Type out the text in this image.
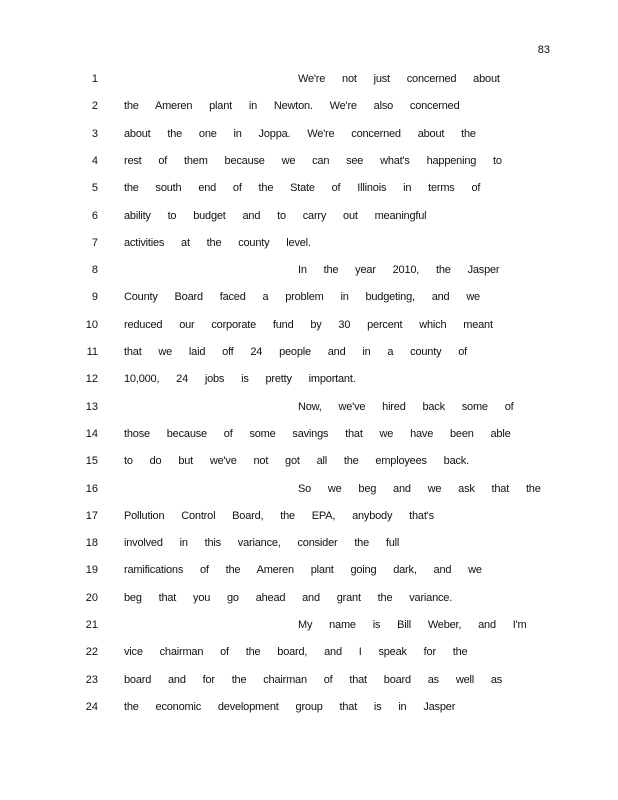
83
1	We're not just concerned about
2 the Ameren plant in Newton. We're also concerned
3 about the one in Joppa. We're concerned about the
4 rest of them because we can see what's happening to
5 the south end of the State of Illinois in terms of
6 ability to budget and to carry out meaningful
7 activities at the county level.
8	In the year 2010, the Jasper
9 County Board faced a problem in budgeting, and we
10 reduced our corporate fund by 30 percent which meant
11 that we laid off 24 people and in a county of
12 10,000, 24 jobs is pretty important.
13	Now, we've hired back some of
14 those because of some savings that we have been able
15 to do but we've not got all the employees back.
16	So we beg and we ask that the
17 Pollution Control Board, the EPA, anybody that's
18 involved in this variance, consider the full
19 ramifications of the Ameren plant going dark, and we
20 beg that you go ahead and grant the variance.
21	My name is Bill Weber, and I'm
22 vice chairman of the board, and I speak for the
23 board and for the chairman of that board as well as
24 the economic development group that is in Jasper
